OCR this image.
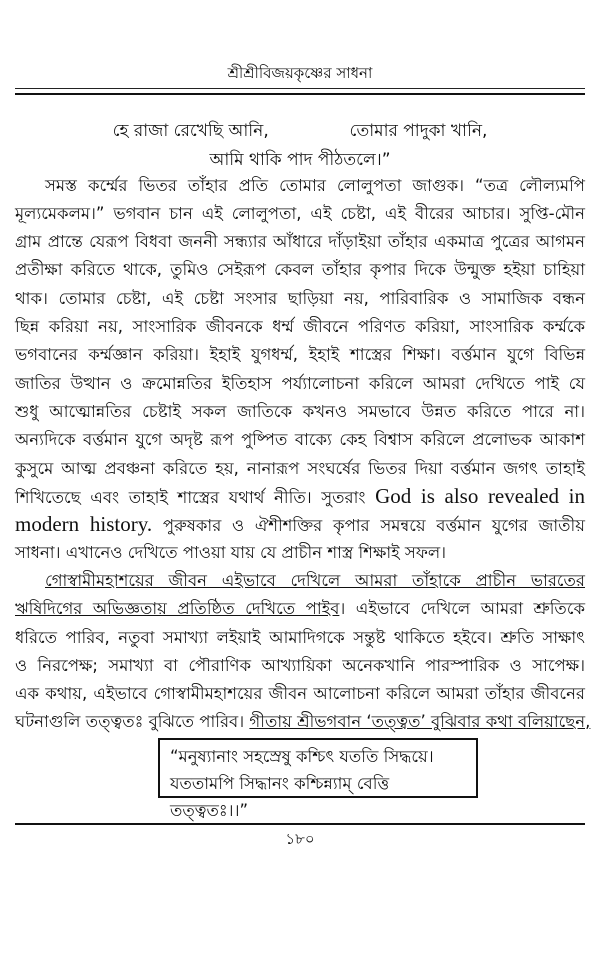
শ্রীশ্রীবিজয়কৃষ্ণের সাধনা
হে রাজা রেখেছি আনি,	তোমার পাদুকা খানি,
আমি থাকি পাদ পীঠতলে।”
সমস্ত কর্ম্মের ভিতর তাঁহার প্রতি তোমার লোলুপতা জাগুক। “তত্র লৌল্যমপি
মূল্যমেকলম।” ভগবান চান এই লোলুপতা, এই চেষ্টা, এই বীরের আচার। সুপ্তি-মৌন
গ্রাম প্রান্তে যেরূপ বিধবা জননী সন্ধ্যার আঁধারে দাঁড়াইয়া তাঁহার একমাত্র পুত্রের আগমন
প্রতীক্ষা করিতে থাকে, তুমিও সেইরূপ কেবল তাঁহার কৃপার দিকে উন্মুক্ত হইয়া চাহিয়া
থাক। তোমার চেষ্টা, এই চেষ্টা সংসার ছাড়িয়া নয়, পারিবারিক ও সামাজিক বন্ধন
ছিন্ন করিয়া নয়, সাংসারিক জীবনকে ধর্ম্ম জীবনে পরিণত করিয়া, সাংসারিক কর্ম্মকে
ভগবানের কর্ম্মজ্ঞান করিয়া। ইহাই যুগধর্ম্ম, ইহাই শাস্ত্রের শিক্ষা। বর্ত্তমান যুগে বিভিন্ন
জাতির উত্থান ও ক্রমোন্নতির ইতিহাস পর্য্যালোচনা করিলে আমরা দেখিতে পাই যে
শুধু আত্মোন্নতির চেষ্টাই সকল জাতিকে কখনও সমভাবে উন্নত করিতে পারে না।
অন্যদিকে বর্ত্তমান যুগে অদৃষ্ট রূপ পুষ্পিত বাক্যে কেহ বিশ্বাস করিলে প্রলোভক আকাশ
কুসুমে আত্ম প্রবঞ্চনা করিতে হয়, নানারূপ সংঘর্ষের ভিতর দিয়া বর্ত্তমান জগৎ তাহাই
শিখিতেছে এবং তাহাই শাস্ত্রের যথার্থ নীতি। সুতরাং God is also revealed in
modern history. পুরুষকার ও ঐশীশক্তির কৃপার সমন্বয়ে বর্ত্তমান যুগের জাতীয়
সাধনা। এখানেও দেখিতে পাওয়া যায় যে প্রাচীন শাস্ত্র শিক্ষাই সফল।
গোস্বামীমহাশয়ের জীবন এইভাবে দেখিলে আমরা তাঁহাকে প্রাচীন ভারতের
ঋষিদিগের অভিজ্ঞতায় প্রতিষ্ঠিত দেখিতে পাইব। এইভাবে দেখিলে আমরা শ্রুতিকে
ধরিতে পারিব, নতুবা সমাখ্যা লইয়াই আমাদিগকে সন্তুষ্ট থাকিতে হইবে। শ্রুতি সাক্ষাৎ
ও নিরপেক্ষ; সমাখ্যা বা পৌরাণিক আখ্যায়িকা অনেকখানি পারস্পারিক ও সাপেক্ষ।
এক কথায়, এইভাবে গোস্বামীমহাশয়ের জীবন আলোচনা করিলে আমরা তাঁহার জীবনের
ঘটনাগুলি তত্ত্বতঃ বুঝিতে পারিব। গীতায় শ্রীভগবান ‘তত্ত্বত’ বুঝিবার কথা বলিয়াছেন,
“মনুষ্যানাং সহস্রেষু কশ্চিৎ যততি সিদ্ধয়ে।
যততামপি সিদ্ধানং কশ্চিন্ন্যাম্ বেত্তি তত্ত্বতঃ।।”
১৮০
